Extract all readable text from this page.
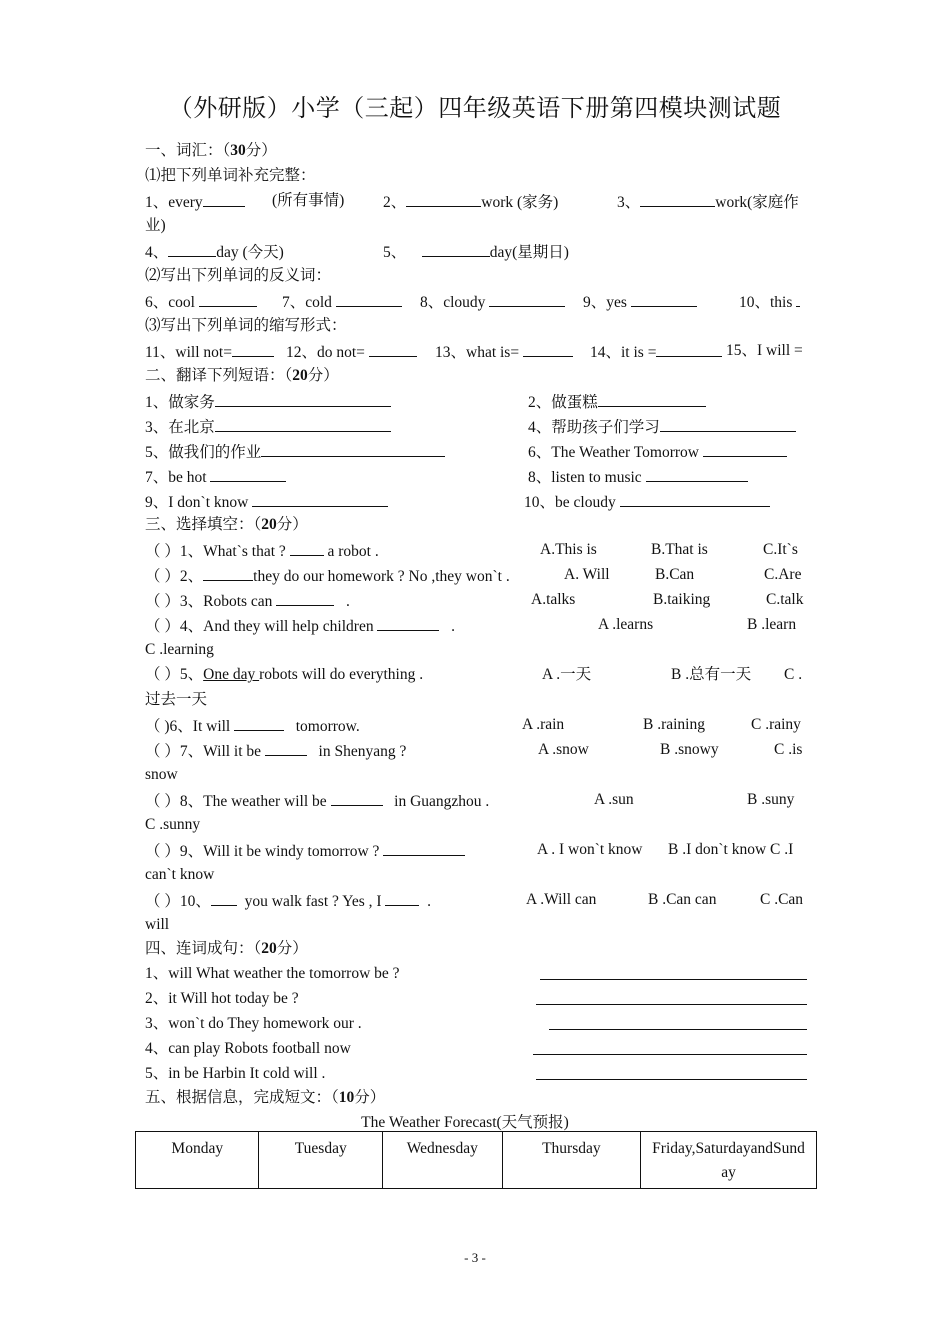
（外研版）小学（三起）四年级英语下册第四模块测试题
一、词汇：（30分）
⑴把下列单词补充完整：
1、every	(所有事情) 2、	work (家务)	3、	work(家庭作
业)
4、	day (今天)	5、	day(星期日)
⑵写出下列单词的反义词：
6、cool	7、cold	8、cloudy	9、yes	10、this
⑶写出下列单词的缩写形式：
11、will not=	12、do not=	13、what is=	14、it is =	15、I will =
二、翻译下列短语：（20分）
1、做家务	2、做蛋糕
3、在北京	4、帮助孩子们学习
5、做我们的作业	6、The Weather Tomorrow
7、be hot	8、listen to music
9、I don`t know	10、be cloudy
三、选择填空：（20分）
（ ）1、What`s that ?	a robot .	A.This is	B.That is	C.It`s
（ ）2、	they do our homework ? No ,they won`t .	A. Will	B.Can	C.Are
（ ）3、Robots can	.	A.talks	B.taiking	C.talk
（ ）4、And they will help children	.	A .learns	B .learn
C .learning
（ ）5、One day robots will do everything .	A .一天	B .总有一天 C .
过去一天
（ )6、It will	tomorrow.	A .rain	B .raining	C .rainy
（ ）7、Will it be	in Shenyang ?	A .snow	B .snowy	C .is
snow
（ ）8、The weather will be	in Guangzhou .	A .sun	B .suny
C .sunny
（ ）9、Will it be windy tomorrow ?	A . I won`t know B .I don`t know C .I
can`t know
（ ）10、 you walk fast ? Yes , I	.	A .Will can	B .Can can	C .Can
will
四、连词成句：（20分）
1、will What weather the tomorrow be ?
2、it Will hot today be ?
3、won`t do They homework our .
4、can play Robots football now
5、in be Harbin It cold will .
五、根据信息，完成短文：（10分）
The Weather Forecast(天气预报)
Monday	Tuesday	Wednesday	Thursday	Friday,SaturdayandSunday
- 3 -
